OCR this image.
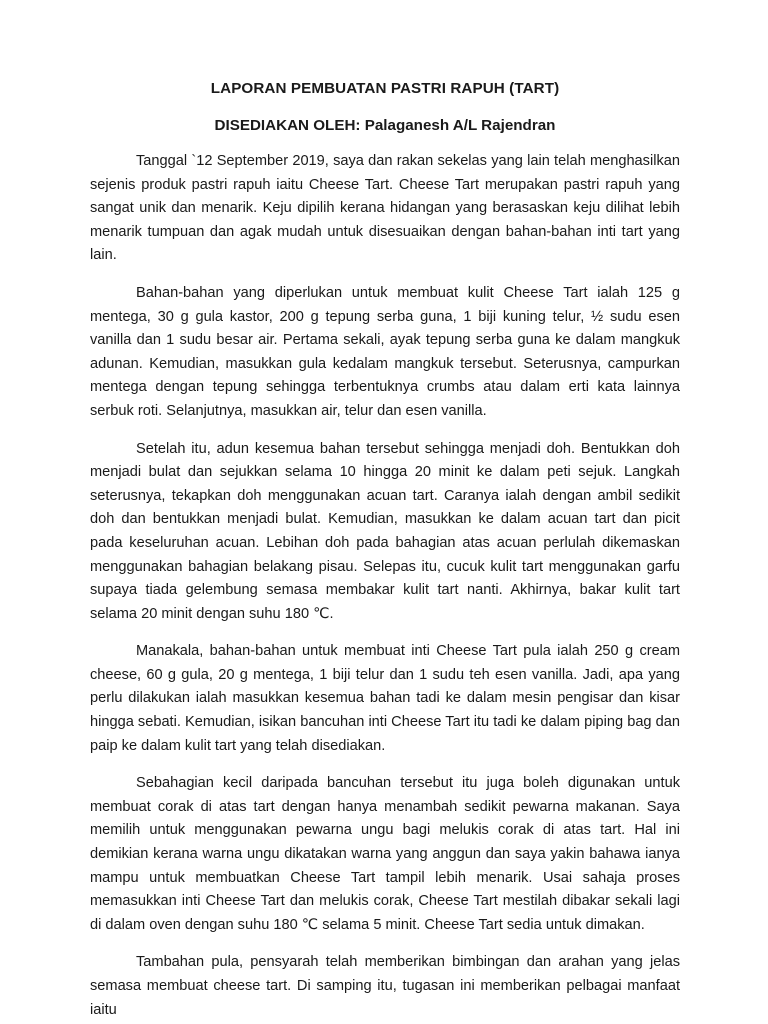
LAPORAN PEMBUATAN PASTRI RAPUH (TART)
DISEDIAKAN OLEH: Palaganesh A/L Rajendran

Tanggal `12 September 2019, saya dan rakan sekelas yang lain telah menghasilkan sejenis produk pastri rapuh iaitu Cheese Tart. Cheese Tart merupakan pastri rapuh yang sangat unik dan menarik. Keju dipilih kerana hidangan yang berasaskan keju dilihat lebih menarik tumpuan dan agak mudah untuk disesuaikan dengan bahan-bahan inti tart yang lain.

Bahan-bahan yang diperlukan untuk membuat kulit Cheese Tart ialah 125 g mentega, 30 g gula kastor, 200 g tepung serba guna, 1 biji kuning telur, ½ sudu esen vanilla dan 1 sudu besar air. Pertama sekali, ayak tepung serba guna ke dalam mangkuk adunan. Kemudian, masukkan gula kedalam mangkuk tersebut. Seterusnya, campurkan mentega dengan tepung sehingga terbentuknya crumbs atau dalam erti kata lainnya serbuk roti. Selanjutnya, masukkan air, telur dan esen vanilla.

Setelah itu, adun kesemua bahan tersebut sehingga menjadi doh. Bentukkan doh menjadi bulat dan sejukkan selama 10 hingga 20 minit ke dalam peti sejuk. Langkah seterusnya, tekapkan doh menggunakan acuan tart. Caranya ialah dengan ambil sedikit doh dan bentukkan menjadi bulat. Kemudian, masukkan ke dalam acuan tart dan picit pada keseluruhan acuan. Lebihan doh pada bahagian atas acuan perlulah dikemaskan menggunakan bahagian belakang pisau. Selepas itu, cucuk kulit tart menggunakan garfu supaya tiada gelembung semasa membakar kulit tart nanti. Akhirnya, bakar kulit tart selama 20 minit dengan suhu 180 ℃.

Manakala, bahan-bahan untuk membuat inti Cheese Tart pula ialah 250 g cream cheese, 60 g gula, 20 g mentega, 1 biji telur dan 1 sudu teh esen vanilla. Jadi, apa yang perlu dilakukan ialah masukkan kesemua bahan tadi ke dalam mesin pengisar dan kisar hingga sebati. Kemudian, isikan bancuhan inti Cheese Tart itu tadi ke dalam piping bag dan paip ke dalam kulit tart yang telah disediakan.

Sebahagian kecil daripada bancuhan tersebut itu juga boleh digunakan untuk membuat corak di atas tart dengan hanya menambah sedikit pewarna makanan. Saya memilih untuk menggunakan pewarna ungu bagi melukis corak di atas tart. Hal ini demikian kerana warna ungu dikatakan warna yang anggun dan saya yakin bahawa ianya mampu untuk membuatkan Cheese Tart tampil lebih menarik. Usai sahaja proses memasukkan inti Cheese Tart dan melukis corak, Cheese Tart mestilah dibakar sekali lagi di dalam oven dengan suhu 180 ℃ selama 5 minit. Cheese Tart sedia untuk dimakan.

Tambahan pula, pensyarah telah memberikan bimbingan dan arahan yang jelas semasa membuat cheese tart. Di samping itu, tugasan ini memberikan pelbagai manfaat iaitu
